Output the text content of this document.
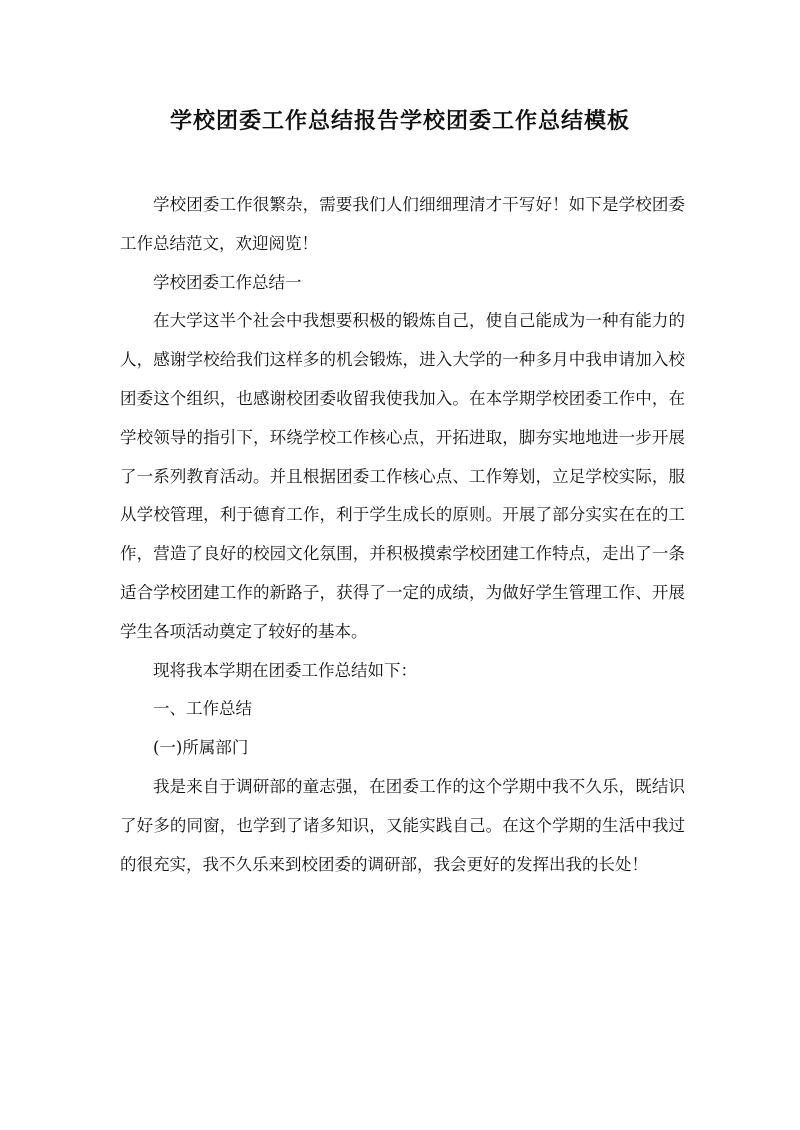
学校团委工作总结报告学校团委工作总结模板

学校团委工作很繁杂，需要我们人们细细理清才干写好！如下是学校团委工作总结范文，欢迎阅览！

学校团委工作总结一

在大学这半个社会中我想要积极的锻炼自己，使自己能成为一种有能力的人，感谢学校给我们这样多的机会锻炼，进入大学的一种多月中我申请加入校团委这个组织，也感谢校团委收留我使我加入。在本学期学校团委工作中，在学校领导的指引下，环绕学校工作核心点，开拓进取，脚夯实地地进一步开展了一系列教育活动。并且根据团委工作核心点、工作筹划，立足学校实际，服从学校管理，利于德育工作，利于学生成长的原则。开展了部分实实在在的工作，营造了良好的校园文化氛围，并积极摸索学校团建工作特点，走出了一条适合学校团建工作的新路子，获得了一定的成绩，为做好学生管理工作、开展学生各项活动奠定了较好的基本。

现将我本学期在团委工作总结如下：

一、工作总结

(一)所属部门

我是来自于调研部的童志强，在团委工作的这个学期中我不久乐，既结识了好多的同窗，也学到了诸多知识，又能实践自己。在这个学期的生活中我过的很充实，我不久乐来到校团委的调研部，我会更好的发挥出我的长处！
